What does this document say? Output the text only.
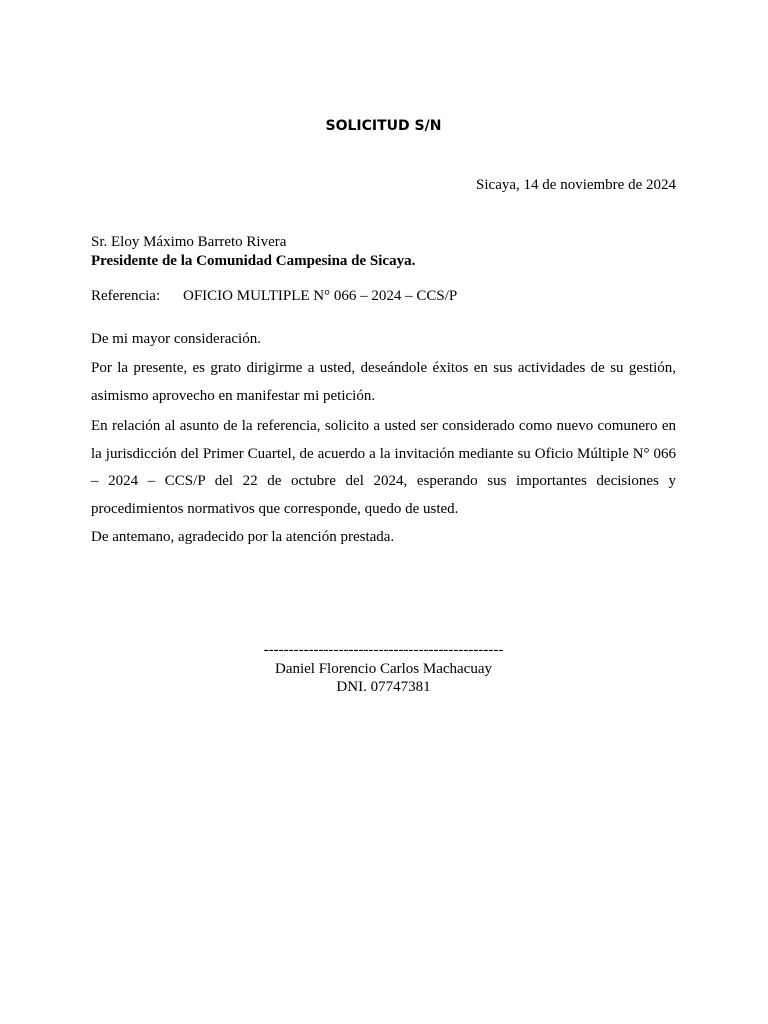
SOLICITUD S/N
Sicaya, 14 de noviembre de 2024
Sr. Eloy Máximo Barreto Rivera
Presidente de la Comunidad Campesina de Sicaya.
Referencia: OFICIO MULTIPLE N° 066 – 2024 – CCS/P
De mi mayor consideración.

Por la presente, es grato dirigirme a usted, deseándole éxitos en sus actividades de su gestión, asimismo aprovecho en manifestar mi petición.

En relación al asunto de la referencia, solicito a usted ser considerado como nuevo comunero en la jurisdicción del Primer Cuartel, de acuerdo a la invitación mediante su Oficio Múltiple N° 066 – 2024 – CCS/P del 22 de octubre del 2024, esperando sus importantes decisiones y procedimientos normativos que corresponde, quedo de usted.

De antemano, agradecido por la atención prestada.
------------------------------------------------
Daniel Florencio Carlos Machacuay
DNI. 07747381
